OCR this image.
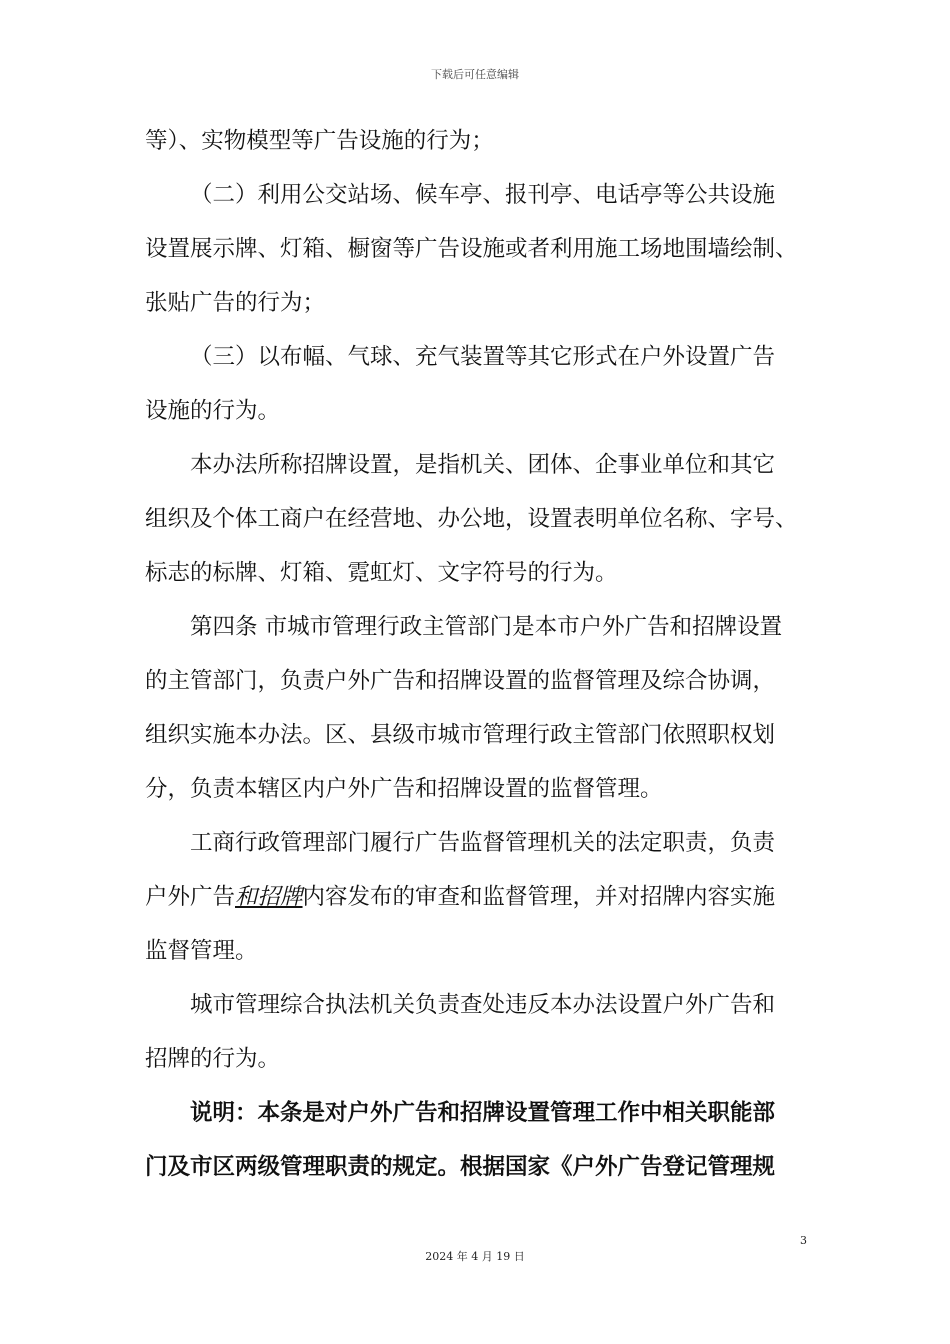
下载后可任意编辑
等）、实物模型等广告设施的行为；
（二）利用公交站场、候车亭、报刊亭、电话亭等公共设施
设置展示牌、灯箱、橱窗等广告设施或者利用施工场地围墙绘制、
张贴广告的行为；
（三）以布幅、气球、充气装置等其它形式在户外设置广告
设施的行为。
本办法所称招牌设置，是指机关、团体、企事业单位和其它
组织及个体工商户在经营地、办公地，设置表明单位名称、字号、
标志的标牌、灯箱、霓虹灯、文字符号的行为。
第四条 市城市管理行政主管部门是本市户外广告和招牌设置
的主管部门，负责户外广告和招牌设置的监督管理及综合协调，
组织实施本办法。区、县级市城市管理行政主管部门依照职权划
分，负责本辖区内户外广告和招牌设置的监督管理。
工商行政管理部门履行广告监督管理机关的法定职责，负责
户外广告和招牌内容发布的审查和监督管理，并对招牌内容实施
监督管理。
城市管理综合执法机关负责查处违反本办法设置户外广告和
招牌的行为。
说明：本条是对户外广告和招牌设置管理工作中相关职能部
门及市区两级管理职责的规定。根据国家《户外广告登记管理规
3
2024 年 4 月 19 日
